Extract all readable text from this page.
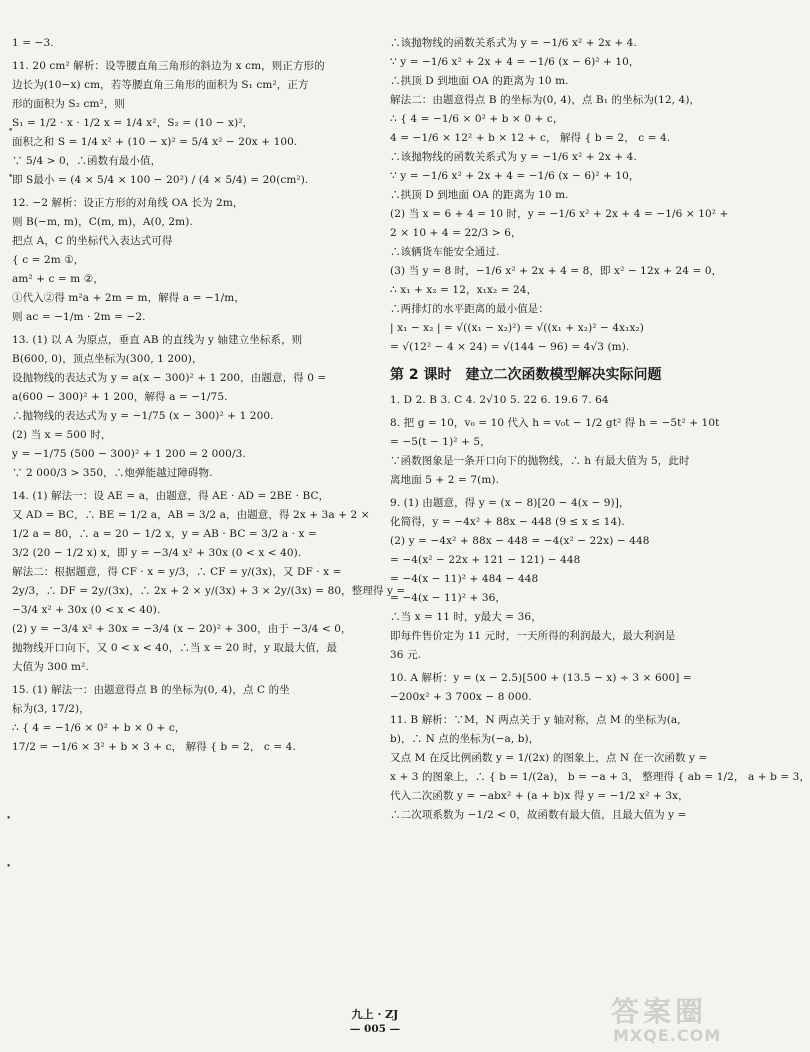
1 = −3.

11. 20 cm² 解析：设等腰直角三角形的斜边为 x cm，则正方形的

边长为(10−x) cm，若等腰直角三角形的面积为 S₁ cm²，正方

形的面积为 S₂ cm²，则

S₁ = 1/2 · x · 1/2 x = 1/4 x²，S₂ = (10 − x)²，

面积之和 S = 1/4 x² + (10 − x)² = 5/4 x² − 20x + 100.

∵ 5/4 > 0，∴函数有最小值，

即 S最小 = (4 × 5/4 × 100 − 20²) / (4 × 5/4) = 20(cm²).

12. −2 解析：设正方形的对角线 OA 长为 2m，

则 B(−m, m)，C(m, m)，A(0, 2m).

把点 A，C 的坐标代入表达式可得

{ c = 2m ①，

am² + c = m ②，

①代入②得 m²a + 2m = m，解得 a = −1/m，

则 ac = −1/m · 2m = −2.

13. (1) 以 A 为原点，垂直 AB 的直线为 y 轴建立坐标系，则

B(600, 0)，顶点坐标为(300, 1 200)，

设抛物线的表达式为 y = a(x − 300)² + 1 200，由题意，得 0 =

a(600 − 300)² + 1 200，解得 a = −1/75.

∴抛物线的表达式为 y = −1/75 (x − 300)² + 1 200.

(2) 当 x = 500 时，

y = −1/75 (500 − 300)² + 1 200 = 2 000/3.

∵ 2 000/3 > 350，∴炮弹能越过障碍物.

14. (1) 解法一：设 AE = a，由题意，得 AE · AD = 2BE · BC，

又 AD = BC，∴ BE = 1/2 a，AB = 3/2 a，由题意，得 2x + 3a + 2 ×

1/2 a = 80，∴ a = 20 − 1/2 x，y = AB · BC = 3/2 a · x =

3/2 (20 − 1/2 x) x，即 y = −3/4 x² + 30x (0 < x < 40).

解法二：根据题意，得 CF · x = y/3，∴ CF = y/(3x)，又 DF · x =

2y/3，∴ DF = 2y/(3x)，∴ 2x + 2 × y/(3x) + 3 × 2y/(3x) = 80，整理得 y =

−3/4 x² + 30x (0 < x < 40).

(2) y = −3/4 x² + 30x = −3/4 (x − 20)² + 300，由于 −3/4 < 0，

抛物线开口向下，又 0 < x < 40，∴当 x = 20 时，y 取最大值，最

大值为 300 m².

15. (1) 解法一：由题意得点 B 的坐标为(0, 4)，点 C 的坐

标为(3, 17/2)，

∴ { 4 = −1/6 × 0² + b × 0 + c，

17/2 = −1/6 × 3² + b × 3 + c， 解得 { b = 2， c = 4.

∴该抛物线的函数关系式为 y = −1/6 x² + 2x + 4.

∵ y = −1/6 x² + 2x + 4 = −1/6 (x − 6)² + 10，

∴拱顶 D 到地面 OA 的距离为 10 m.

解法二：由题意得点 B 的坐标为(0, 4)，点 B₁ 的坐标为(12, 4)，

∴ { 4 = −1/6 × 0² + b × 0 + c，

4 = −1/6 × 12² + b × 12 + c， 解得 { b = 2， c = 4.

∴该抛物线的函数关系式为 y = −1/6 x² + 2x + 4.

∵ y = −1/6 x² + 2x + 4 = −1/6 (x − 6)² + 10，

∴拱顶 D 到地面 OA 的距离为 10 m.

(2) 当 x = 6 + 4 = 10 时，y = −1/6 x² + 2x + 4 = −1/6 × 10² +

2 × 10 + 4 = 22/3 > 6，

∴该辆货车能安全通过.

(3) 当 y = 8 时，−1/6 x² + 2x + 4 = 8，即 x² − 12x + 24 = 0，

∴ x₁ + x₂ = 12，x₁x₂ = 24，

∴两排灯的水平距离的最小值是：

| x₁ − x₂ | = √((x₁ − x₂)²) = √((x₁ + x₂)² − 4x₁x₂)

= √(12² − 4 × 24) = √(144 − 96) = 4√3 (m).

第 2 课时 建立二次函数模型解决实际问题

1. D 2. B 3. C 4. 2√10 5. 22 6. 19.6 7. 64

8. 把 g = 10，v₀ = 10 代入 h = v₀t − 1/2 gt² 得 h = −5t² + 10t

= −5(t − 1)² + 5，

∵函数图象是一条开口向下的抛物线，∴ h 有最大值为 5，此时

离地面 5 + 2 = 7(m).

9. (1) 由题意，得 y = (x − 8)[20 − 4(x − 9)]，

化简得，y = −4x² + 88x − 448 (9 ≤ x ≤ 14).

(2) y = −4x² + 88x − 448 = −4(x² − 22x) − 448

= −4(x² − 22x + 121 − 121) − 448

= −4(x − 11)² + 484 − 448

= −4(x − 11)² + 36，

∴当 x = 11 时，y最大 = 36，

即每件售价定为 11 元时，一天所得的利润最大，最大利润是

36 元.

10. A 解析：y = (x − 2.5)[500 + (13.5 − x) ÷ 3 × 600] =

−200x² + 3 700x − 8 000.

11. B 解析：∵M，N 两点关于 y 轴对称，点 M 的坐标为(a,

b)，∴ N 点的坐标为(−a, b)，

又点 M 在反比例函数 y = 1/(2x) 的图象上，点 N 在一次函数 y =

x + 3 的图象上，∴ { b = 1/(2a)， b = −a + 3， 整理得 { ab = 1/2， a + b = 3，

代入二次函数 y = −abx² + (a + b)x 得 y = −1/2 x² + 3x，

∴二次项系数为 −1/2 < 0，故函数有最大值，且最大值为 y =

•
•
•
•
九上 · ZJ
— 005 —
答案圈
MXQE.COM
